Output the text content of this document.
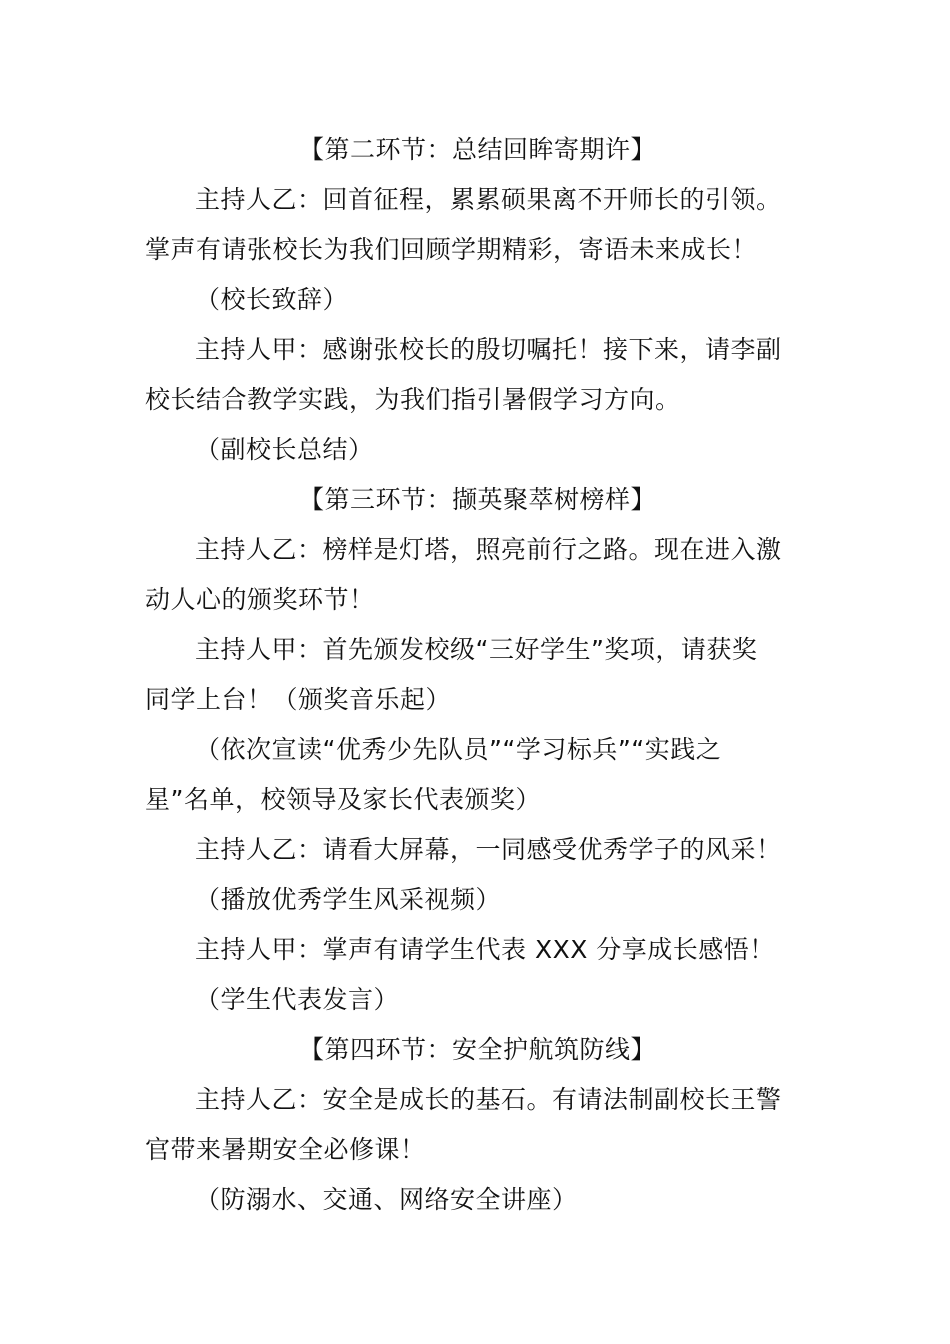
【第二环节：总结回眸寄期许】
主持人乙：回首征程，累累硕果离不开师长的引领。
掌声有请张校长为我们回顾学期精彩，寄语未来成长！
（校长致辞）
主持人甲：感谢张校长的殷切嘱托！接下来，请李副
校长结合教学实践，为我们指引暑假学习方向。
（副校长总结）
【第三环节：撷英聚萃树榜样】
主持人乙：榜样是灯塔，照亮前行之路。现在进入激
动人心的颁奖环节！
主持人甲：首先颁发校级“三好学生”奖项，请获奖
同学上台！（颁奖音乐起）
（依次宣读“优秀少先队员”“学习标兵”“实践之
星”名单，校领导及家长代表颁奖）
主持人乙：请看大屏幕，一同感受优秀学子的风采！
（播放优秀学生风采视频）
主持人甲：掌声有请学生代表 XXX 分享成长感悟！
（学生代表发言）
【第四环节：安全护航筑防线】
主持人乙：安全是成长的基石。有请法制副校长王警
官带来暑期安全必修课！
（防溺水、交通、网络安全讲座）
